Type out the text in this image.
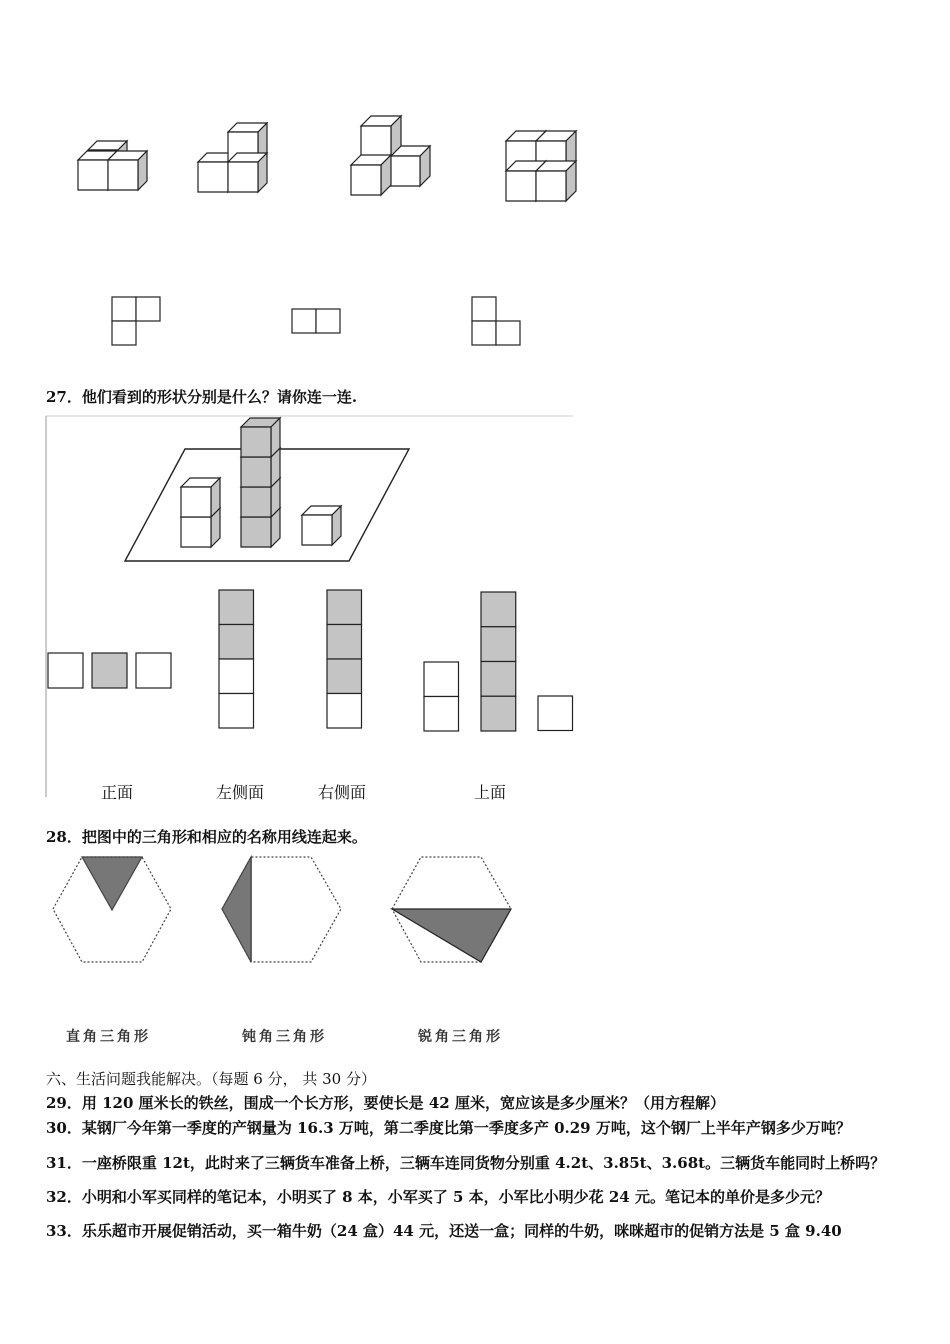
27．他们看到的形状分别是什么？请你连一连.
正面	左侧面	右侧面	上面
28．把图中的三角形和相应的名称用线连起来。
直角三角形	钝角三角形	锐角三角形
六、生活问题我能解决。（每题 6 分， 共 30 分）
29．用 120 厘米长的铁丝，围成一个长方形，要使长是 42 厘米，宽应该是多少厘米？（用方程解）
30．某钢厂今年第一季度的产钢量为 16.3 万吨，第二季度比第一季度多产 0.29 万吨，这个钢厂上半年产钢多少万吨？
31．一座桥限重 12t，此时来了三辆货车准备上桥，三辆车连同货物分别重 4.2t、3.85t、3.68t。三辆货车能同时上桥吗？
32．小明和小军买同样的笔记本，小明买了 8 本，小军买了 5 本，小军比小明少花 24 元。笔记本的单价是多少元？
33．乐乐超市开展促销活动，买一箱牛奶（24 盒）44 元，还送一盒；同样的牛奶，咪咪超市的促销方法是 5 盒 9.40
